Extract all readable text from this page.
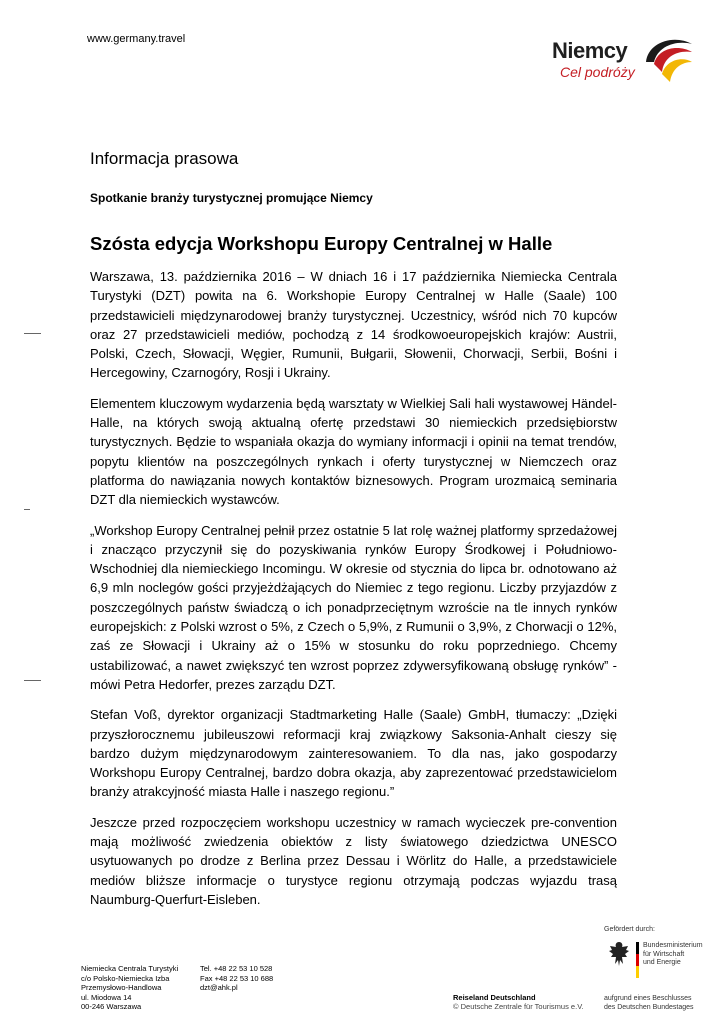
www.germany.travel	Niemcy
Cel podróży
Informacja prasowa
Spotkanie branży turystycznej promujące Niemcy
Szósta edycja Workshopu Europy Centralnej w Halle

Warszawa, 13. października 2016 – W dniach 16 i 17 października Niemiecka Centrala Turystyki (DZT) powita na 6. Workshopie Europy Centralnej w Halle (Saale) 100 przedstawicieli międzynarodowej branży turystycznej. Uczestnicy, wśród nich 70 kupców oraz 27 przedstawicieli mediów, pochodzą z 14 środkowoeuropejskich krajów: Austrii, Polski, Czech, Słowacji, Węgier, Rumunii, Bułgarii, Słowenii, Chorwacji, Serbii, Bośni i Hercegowiny, Czarnogóry, Rosji i Ukrainy.

Elementem kluczowym wydarzenia będą warsztaty w Wielkiej Sali hali wystawowej Händel-Halle, na których swoją aktualną ofertę przedstawi 30 niemieckich przedsiębiorstw turystycznych. Będzie to wspaniała okazja do wymiany informacji i opinii na temat trendów, popytu klientów na poszczególnych rynkach i oferty turystycznej w Niemczech oraz platforma do nawiązania nowych kontaktów biznesowych. Program urozmaicą seminaria DZT dla niemieckich wystawców.

„Workshop Europy Centralnej pełnił przez ostatnie 5 lat rolę ważnej platformy sprzedażowej i znacząco przyczynił się do pozyskiwania rynków Europy Środkowej i Południowo-Wschodniej dla niemieckiego Incomingu. W okresie od stycznia do lipca br. odnotowano aż 6,9 mln noclegów gości przyjeżdżających do Niemiec z tego regionu. Liczby przyjazdów z poszczególnych państw świadczą o ich ponadprzeciętnym wzroście na tle innych rynków europejskich: z Polski wzrost o 5%, z Czech o 5,9%, z Rumunii o 3,9%, z Chorwacji o 12%, zaś ze Słowacji i Ukrainy aż o 15% w stosunku do roku poprzedniego. Chcemy ustabilizować, a nawet zwiększyć ten wzrost poprzez zdywersyfikowaną obsługę rynków” - mówi Petra Hedorfer, prezes zarządu DZT.

Stefan Voß, dyrektor organizacji Stadtmarketing Halle (Saale) GmbH, tłumaczy: „Dzięki przyszłorocznemu jubileuszowi reformacji kraj związkowy Saksonia-Anhalt cieszy się bardzo dużym międzynarodowym zainteresowaniem. To dla nas, jako gospodarzy Workshopu Europy Centralnej, bardzo dobra okazja, aby zaprezentować przedstawicielom branży atrakcyjność miasta Halle i naszego regionu.”

Jeszcze przed rozpoczęciem workshopu uczestnicy w ramach wycieczek pre-convention mają możliwość zwiedzenia obiektów z listy światowego dziedzictwa UNESCO usytuowanych po drodze z Berlina przez Dessau i Wörlitz do Halle, a przedstawiciele mediów bliższe informacje o turystyce regionu otrzymają podczas wyjazdu trasą Naumburg-Querfurt-Eisleben.

Niemiecka Centrala Turystyki
c/o Polsko-Niemiecka Izba
Przemysłowo-Handlowa
ul. Miodowa 14
00-246 Warszawa
Tel. +48 22 53 10 528
Fax +48 22 53 10 688
dzt@ahk.pl
Reiseland Deutschland
© Deutsche Zentrale für Tourismus e.V.
Gefördert durch:
Bundesministerium
für Wirtschaft
und Energie
aufgrund eines Beschlusses
des Deutschen Bundestages
